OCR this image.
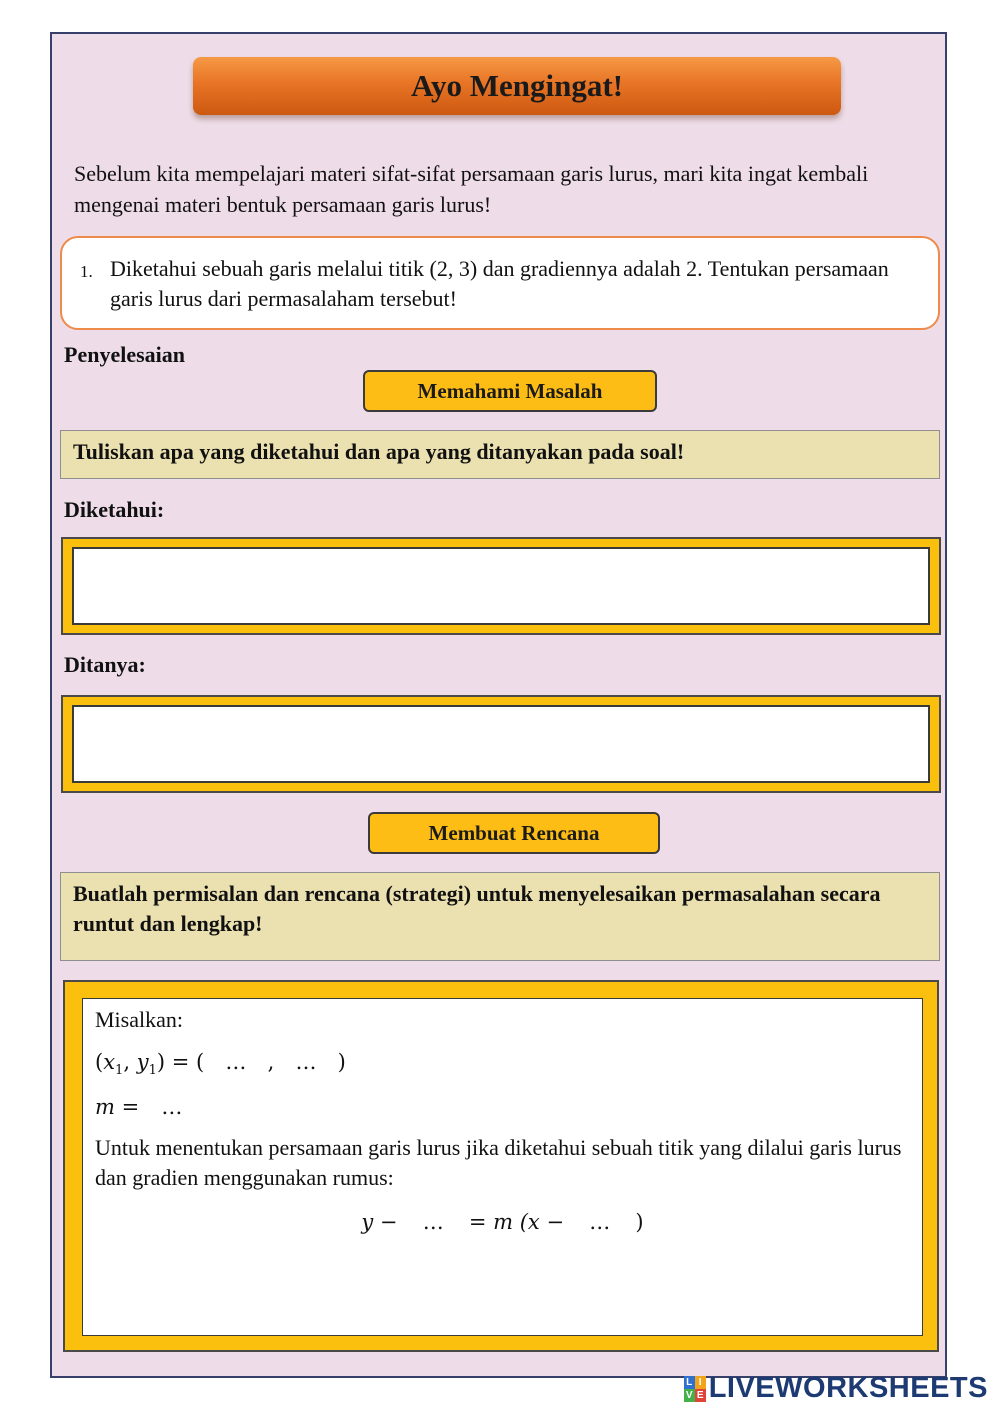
Ayo Mengingat!
Sebelum kita mempelajari materi sifat-sifat persamaan garis lurus, mari kita ingat kembali mengenai materi bentuk persamaan garis lurus!
1. Diketahui sebuah garis melalui titik (2, 3) dan gradiennya adalah 2. Tentukan persamaan garis lurus dari permasalaham tersebut!
Penyelesaian
Memahami Masalah
Tuliskan apa yang diketahui dan apa yang ditanyakan pada soal!
Diketahui:
Ditanya:
Membuat Rencana
Buatlah permisalan dan rencana (strategi) untuk menyelesaikan permasalahan secara runtut dan lengkap!
Misalkan:
($x_1$, $y_1$) = ( … , … )
m = …
Untuk menentukan persamaan garis lurus jika diketahui sebuah titik yang dilalui garis lurus dan gradien menggunakan rumus:
y − … = m (x − … )
L I
V E LIVEWORKSHEETS
